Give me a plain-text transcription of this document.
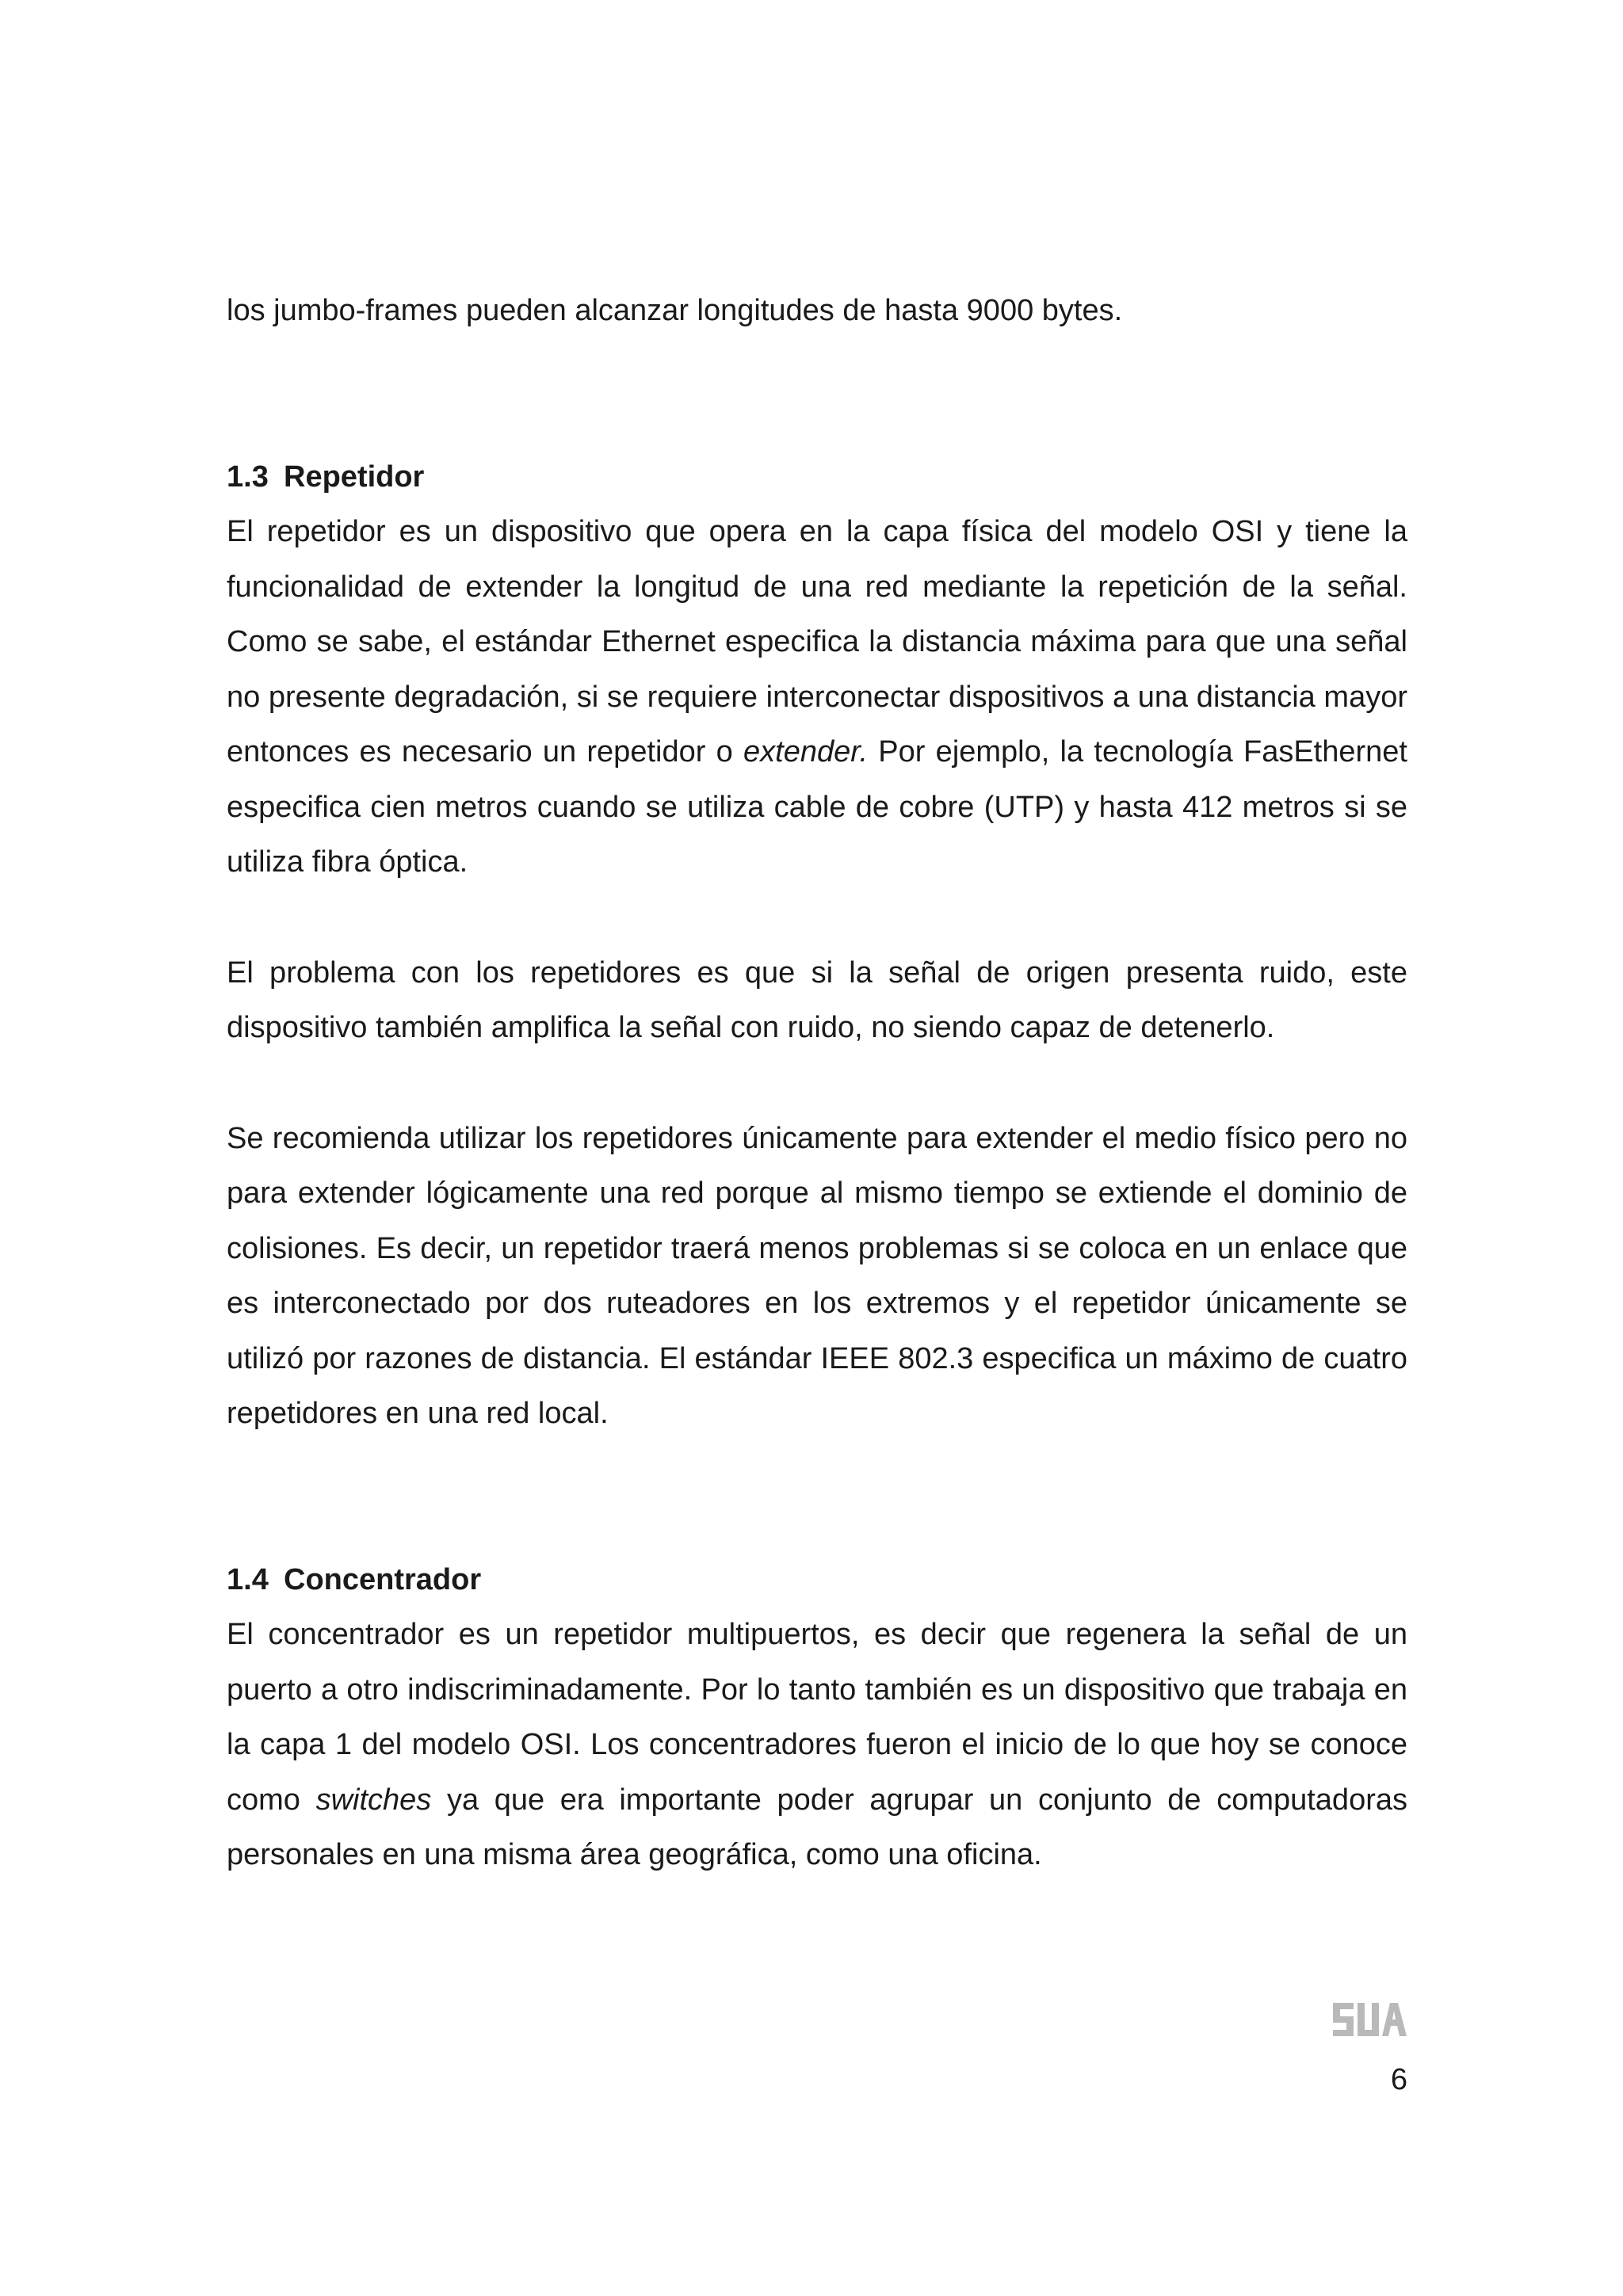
los jumbo-frames pueden alcanzar longitudes de hasta 9000 bytes.

1.3 Repetidor

El repetidor es un dispositivo que opera en la capa física del modelo OSI y tiene la funcionalidad de extender la longitud de una red mediante la repetición de la señal. Como se sabe, el estándar Ethernet especifica la distancia máxima para que una señal no presente degradación, si se requiere interconectar dispositivos a una distancia mayor entonces es necesario un repetidor o extender. Por ejemplo, la tecnología FasEthernet especifica cien metros cuando se utiliza cable de cobre (UTP) y hasta 412 metros si se utiliza fibra óptica.

El problema con los repetidores es que si la señal de origen presenta ruido, este dispositivo también amplifica la señal con ruido, no siendo capaz de detenerlo.

Se recomienda utilizar los repetidores únicamente para extender el medio físico pero no para extender lógicamente una red porque al mismo tiempo se extiende el dominio de colisiones. Es decir, un repetidor traerá menos problemas si se coloca en un enlace que es interconectado por dos ruteadores en los extremos y el repetidor únicamente se utilizó por razones de distancia. El estándar IEEE 802.3 especifica un máximo de cuatro repetidores en una red local.

1.4 Concentrador

El concentrador es un repetidor multipuertos, es decir que regenera la señal de un puerto a otro indiscriminadamente. Por lo tanto también es un dispositivo que trabaja en la capa 1 del modelo OSI. Los concentradores fueron el inicio de lo que hoy se conoce como switches ya que era importante poder agrupar un conjunto de computadoras personales en una misma área geográfica, como una oficina.

6
